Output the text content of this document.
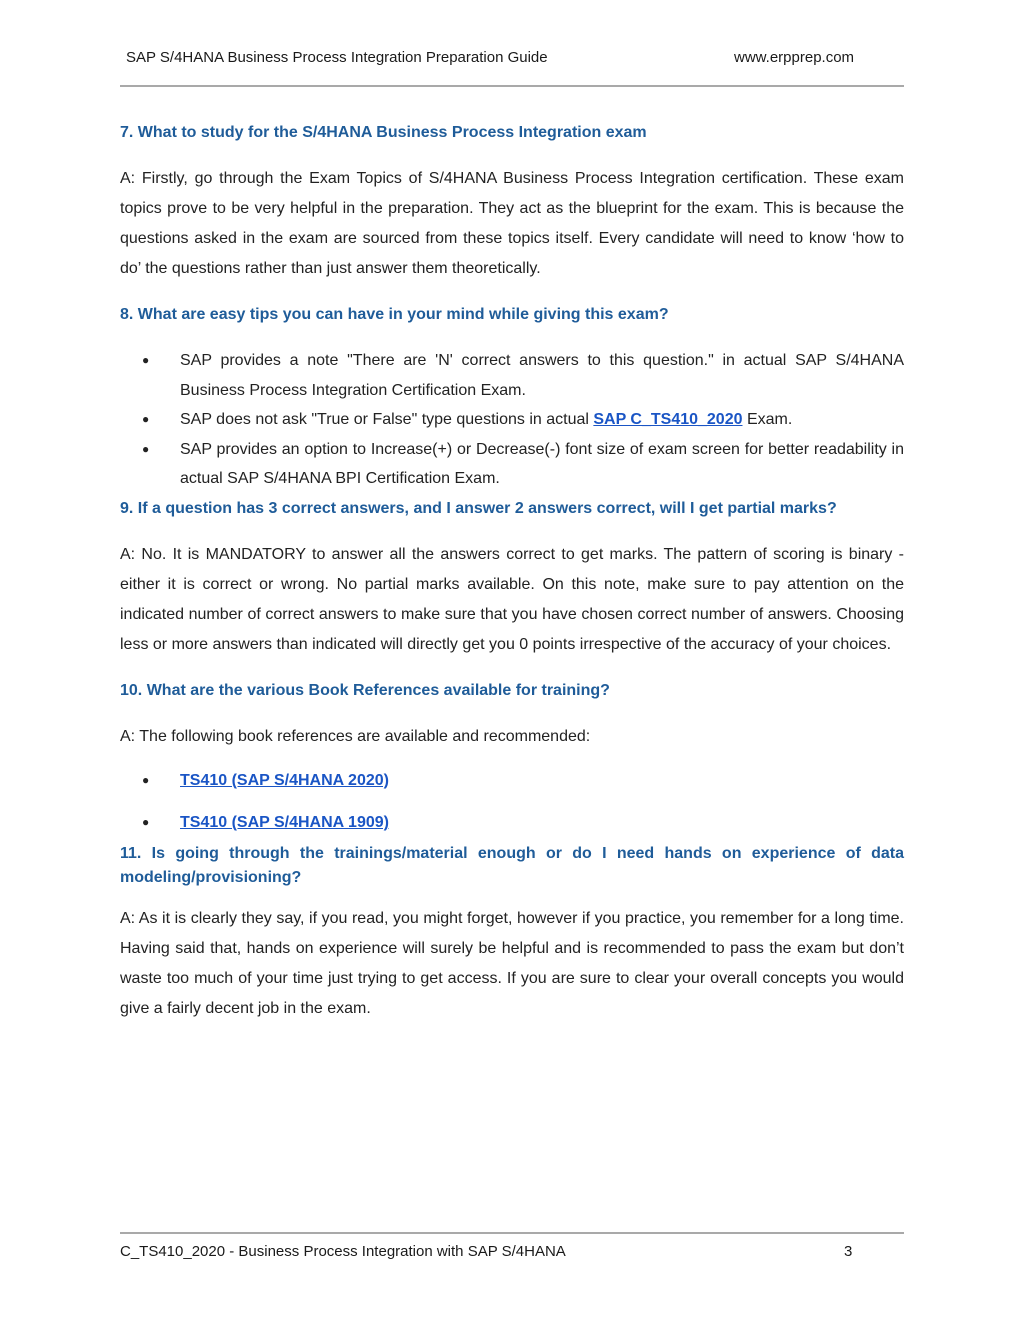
SAP S/4HANA Business Process Integration Preparation Guide	www.erpprep.com

7. What to study for the S/4HANA Business Process Integration exam

A: Firstly, go through the Exam Topics of S/4HANA Business Process Integration certification. These exam topics prove to be very helpful in the preparation. They act as the blueprint for the exam. This is because the questions asked in the exam are sourced from these topics itself. Every candidate will need to know ‘how to do’ the questions rather than just answer them theoretically.

8. What are easy tips you can have in your mind while giving this exam?

● SAP provides a note "There are 'N' correct answers to this question." in actual SAP S/4HANA Business Process Integration Certification Exam.
● SAP does not ask "True or False" type questions in actual SAP C_TS410_2020 Exam.
● SAP provides an option to Increase(+) or Decrease(-) font size of exam screen for better readability in actual SAP S/4HANA BPI Certification Exam.

9. If a question has 3 correct answers, and I answer 2 answers correct, will I get partial marks?

A: No. It is MANDATORY to answer all the answers correct to get marks. The pattern of scoring is binary - either it is correct or wrong. No partial marks available. On this note, make sure to pay attention on the indicated number of correct answers to make sure that you have chosen correct number of answers. Choosing less or more answers than indicated will directly get you 0 points irrespective of the accuracy of your choices.

10. What are the various Book References available for training?

A: The following book references are available and recommended:

● TS410 (SAP S/4HANA 2020)
● TS410 (SAP S/4HANA 1909)

11. Is going through the trainings/material enough or do I need hands on experience of data modeling/provisioning?

A: As it is clearly they say, if you read, you might forget, however if you practice, you remember for a long time. Having said that, hands on experience will surely be helpful and is recommended to pass the exam but don’t waste too much of your time just trying to get access. If you are sure to clear your overall concepts you would give a fairly decent job in the exam.

C_TS410_2020 - Business Process Integration with SAP S/4HANA	3
